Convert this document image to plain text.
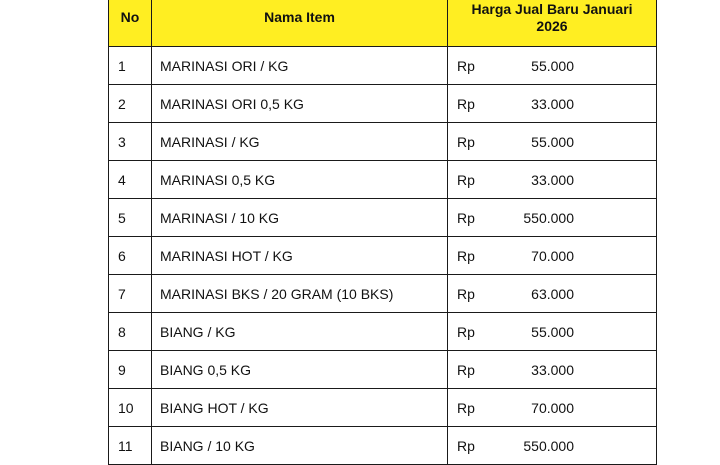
No	Nama Item	Harga Jual Baru Januari
2026

1	MARINASI ORI / KG	Rp 55.000

2	MARINASI ORI 0,5 KG	Rp 33.000

3	MARINASI / KG	Rp 55.000

4	MARINASI 0,5 KG	Rp 33.000

5	MARINASI / 10 KG	Rp 550.000

6	MARINASI HOT / KG	Rp 70.000

7	MARINASI BKS / 20 GRAM (10 BKS)	Rp 63.000

8	BIANG / KG	Rp 55.000

9	BIANG 0,5 KG	Rp 33.000

10	BIANG HOT / KG	Rp 70.000

11	BIANG / 10 KG	Rp 550.000
